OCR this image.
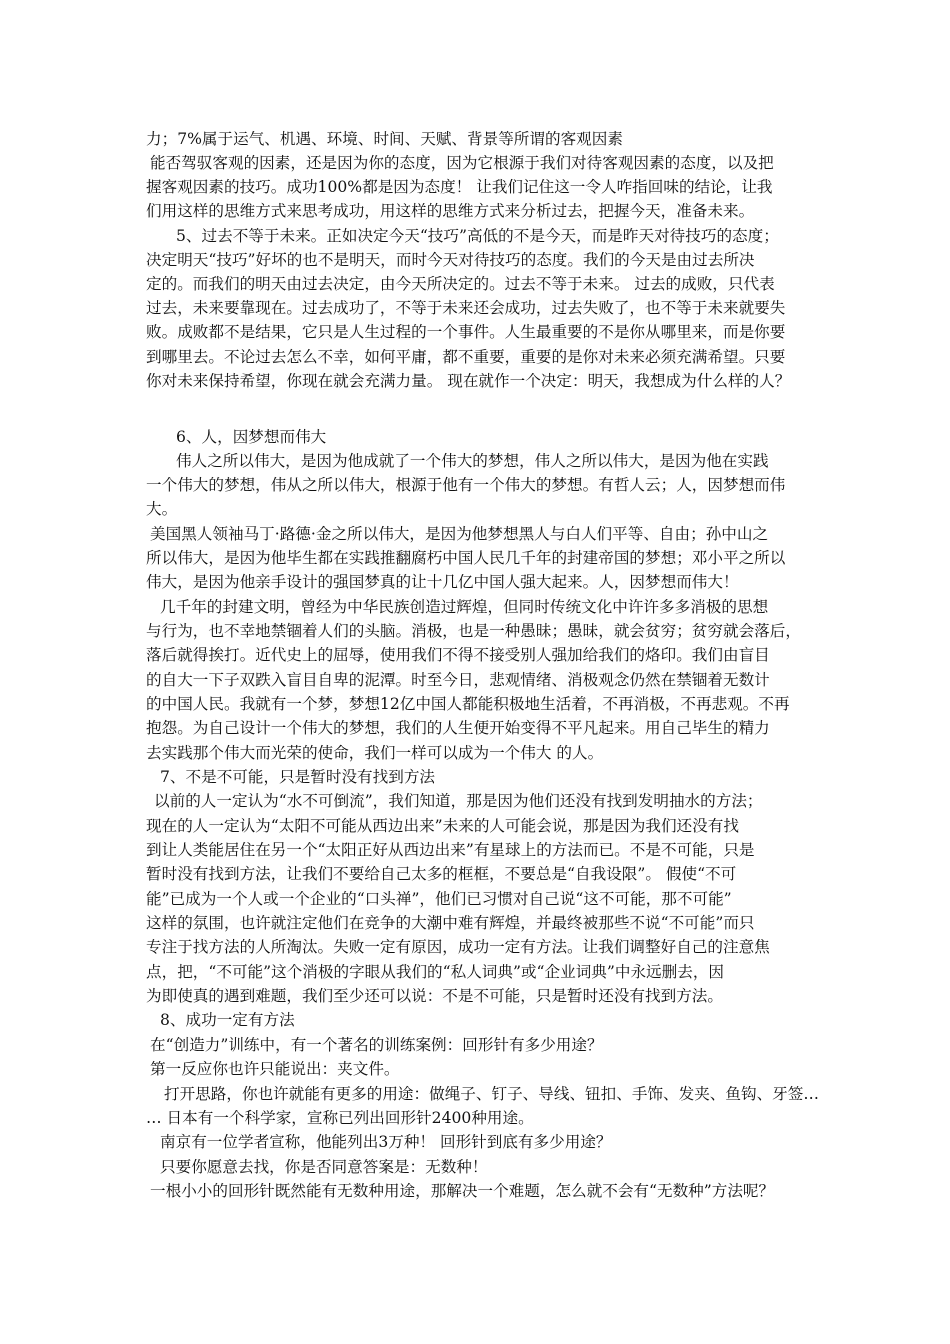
力；7%属于运气、机遇、环境、时间、天赋、背景等所谓的客观因素
能否驾驭客观的因素，还是因为你的态度，因为它根源于我们对待客观因素的态度，以及把
握客观因素的技巧。成功100%都是因为态度！ 让我们记住这一令人咋指回味的结论，让我
们用这样的思维方式来思考成功，用这样的思维方式来分析过去，把握今天，准备未来。
5、过去不等于未来。正如决定今天“技巧”高低的不是今天，而是昨天对待技巧的态度；
决定明天“技巧”好坏的也不是明天，而时今天对待技巧的态度。我们的今天是由过去所决
定的。而我们的明天由过去决定，由今天所决定的。过去不等于未来。 过去的成败，只代表
过去，未来要靠现在。过去成功了，不等于未来还会成功，过去失败了，也不等于未来就要失
败。成败都不是结果，它只是人生过程的一个事件。人生最重要的不是你从哪里来，而是你要
到哪里去。不论过去怎么不幸，如何平庸，都不重要，重要的是你对未来必须充满希望。只要
你对未来保持希望，你现在就会充满力量。 现在就作一个决定：明天，我想成为什么样的人？
6、人，因梦想而伟大
伟人之所以伟大，是因为他成就了一个伟大的梦想，伟人之所以伟大，是因为他在实践
一个伟大的梦想，伟从之所以伟大，根源于他有一个伟大的梦想。有哲人云；人，因梦想而伟
大。
美国黑人领袖马丁·路德·金之所以伟大，是因为他梦想黑人与白人们平等、自由；孙中山之
所以伟大，是因为他毕生都在实践推翻腐朽中国人民几千年的封建帝国的梦想；邓小平之所以
伟大，是因为他亲手设计的强国梦真的让十几亿中国人强大起来。人，因梦想而伟大！
几千年的封建文明，曾经为中华民族创造过辉煌，但同时传统文化中许许多多消极的思想
与行为，也不幸地禁锢着人们的头脑。消极，也是一种愚昧；愚昧，就会贫穷；贫穷就会落后，
落后就得挨打。近代史上的屈辱，使用我们不得不接受别人强加给我们的烙印。我们由盲目
的自大一下子双跌入盲目自卑的泥潭。时至今日，悲观情绪、消极观念仍然在禁锢着无数计
的中国人民。我就有一个梦，梦想12亿中国人都能积极地生活着，不再消极，不再悲观。不再
抱怨。为自己设计一个伟大的梦想，我们的人生便开始变得不平凡起来。用自己毕生的精力
去实践那个伟大而光荣的使命，我们一样可以成为一个伟大 的人。
7、不是不可能，只是暂时没有找到方法
以前的人一定认为“水不可倒流”，我们知道，那是因为他们还没有找到发明抽水的方法；
现在的人一定认为“太阳不可能从西边出来”未来的人可能会说，那是因为我们还没有找
到让人类能居住在另一个“太阳正好从西边出来”有星球上的方法而已。不是不可能，只是
暂时没有找到方法，让我们不要给自己太多的框框，不要总是“自我设限”。 假使“不可
能”已成为一个人或一个企业的“口头禅”，他们已习惯对自己说“这不可能，那不可能”
这样的氛围，也许就注定他们在竞争的大潮中难有辉煌，并最终被那些不说“不可能”而只
专注于找方法的人所淘汰。失败一定有原因，成功一定有方法。让我们调整好自己的注意焦
点，把，“不可能”这个消极的字眼从我们的“私人词典”或“企业词典”中永远删去，因
为即使真的遇到难题，我们至少还可以说：不是不可能，只是暂时还没有找到方法。
8、成功一定有方法
在“创造力”训练中，有一个著名的训练案例：回形针有多少用途？
第一反应你也许只能说出：夹文件。
打开思路，你也许就能有更多的用途：做绳子、钉子、导线、钮扣、手饰、发夹、鱼钩、牙签…
… 日本有一个科学家，宣称已列出回形针2400种用途。
南京有一位学者宣称，他能列出3万种！ 回形针到底有多少用途？
只要你愿意去找，你是否同意答案是：无数种！
一根小小的回形针既然能有无数种用途，那解决一个难题，怎么就不会有“无数种”方法呢？
